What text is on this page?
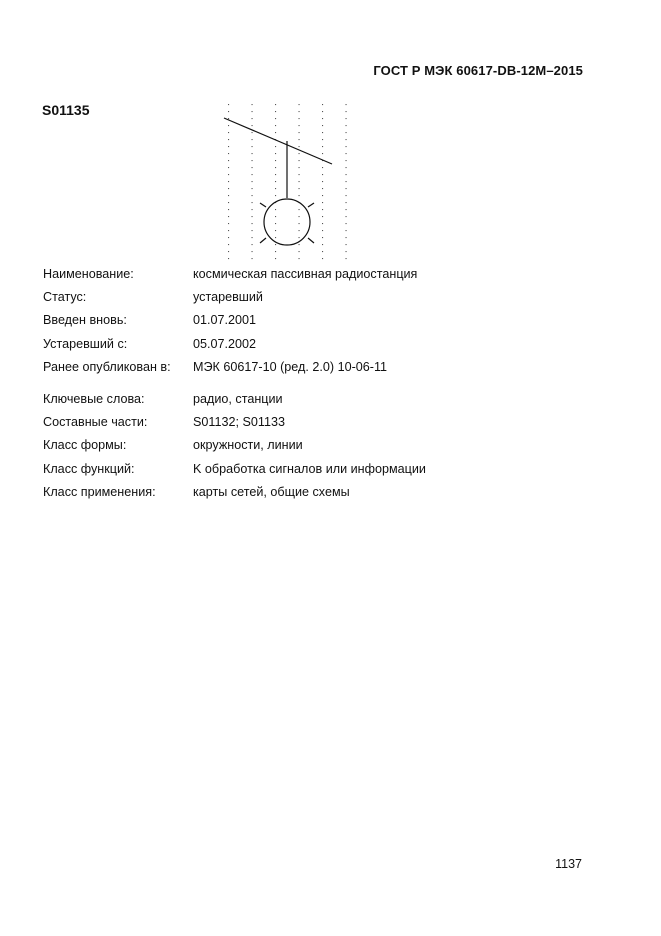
ГОСТ Р МЭК 60617-DB-12M–2015
S01135
Наименование:	космическая пассивная радиостанция
Статус:	устаревший
Введен вновь:	01.07.2001
Устаревший с:	05.07.2002
Ранее опубликован в: МЭК 60617-10 (ред. 2.0) 10-06-11
Ключевые слова:	радио, станции
Составные части:	S01132; S01133
Класс формы:	окружности, линии
Класс функций:	K обработка сигналов или информации
Класс применения:	карты сетей, общие схемы
1137
